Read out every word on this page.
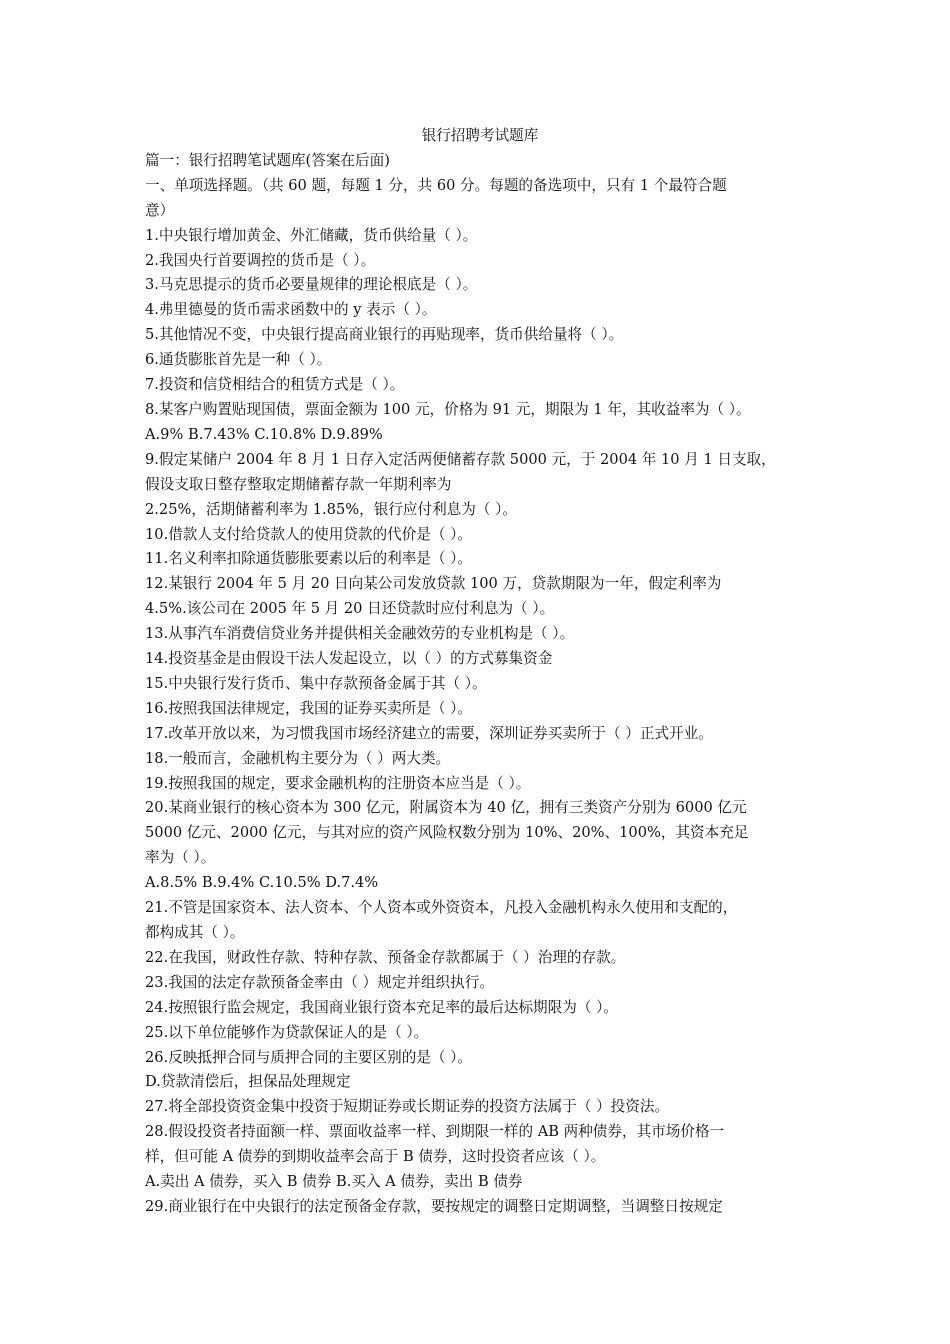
银行招聘考试题库
篇一：银行招聘笔试题库(答案在后面)
一、单项选择题。（共 60 题，每题 1 分，共 60 分。每题的备选项中，只有 1 个最符合题
意）
1.中央银行增加黄金、外汇储藏，货币供给量（ ）。
2.我国央行首要调控的货币是（ ）。
3.马克思提示的货币必要量规律的理论根底是（ ）。
4.弗里德曼的货币需求函数中的 y 表示（ ）。
5.其他情况不变，中央银行提高商业银行的再贴现率，货币供给量将（ ）。
6.通货膨胀首先是一种（ ）。
7.投资和信贷相结合的租赁方式是（ ）。
8.某客户购置贴现国债，票面金额为 100 元，价格为 91 元，期限为 1 年，其收益率为（ ）。
A.9% B.7.43% C.10.8% D.9.89%
9.假定某储户 2004 年 8 月 1 日存入定活两便储蓄存款 5000 元，于 2004 年 10 月 1 日支取，
假设支取日整存整取定期储蓄存款一年期利率为
2.25%，活期储蓄利率为 1.85%，银行应付利息为（ ）。
10.借款人支付给贷款人的使用贷款的代价是（ ）。
11.名义利率扣除通货膨胀要素以后的利率是（ ）。
12.某银行 2004 年 5 月 20 日向某公司发放贷款 100 万，贷款期限为一年，假定利率为
4.5%.该公司在 2005 年 5 月 20 日还贷款时应付利息为（ ）。
13.从事汽车消费信贷业务并提供相关金融效劳的专业机构是（ ）。
14.投资基金是由假设干法人发起设立，以（ ）的方式募集资金
15.中央银行发行货币、集中存款预备金属于其（ ）。
16.按照我国法律规定，我国的证券买卖所是（ ）。
17.改革开放以来，为习惯我国市场经济建立的需要，深圳证券买卖所于（ ）正式开业。
18.一般而言，金融机构主要分为（ ）两大类。
19.按照我国的规定，要求金融机构的注册资本应当是（ ）。
20.某商业银行的核心资本为 300 亿元，附属资本为 40 亿，拥有三类资产分别为 6000 亿元
5000 亿元、2000 亿元，与其对应的资产风险权数分别为 10%、20%、100%，其资本充足
率为（ ）。
A.8.5% B.9.4% C.10.5% D.7.4%
21.不管是国家资本、法人资本、个人资本或外资资本，凡投入金融机构永久使用和支配的，
都构成其（ ）。
22.在我国，财政性存款、特种存款、预备金存款都属于（ ）治理的存款。
23.我国的法定存款预备金率由（ ）规定并组织执行。
24.按照银行监会规定，我国商业银行资本充足率的最后达标期限为（ ）。
25.以下单位能够作为贷款保证人的是（ ）。
26.反映抵押合同与质押合同的主要区别的是（ ）。
D.贷款清偿后，担保品处理规定
27.将全部投资资金集中投资于短期证券或长期证券的投资方法属于（ ）投资法。
28.假设投资者持面额一样、票面收益率一样、到期限一样的 AB 两种债券，其市场价格一
样，但可能 A 债券的到期收益率会高于 B 债券，这时投资者应该（ ）。
A.卖出 A 债券，买入 B 债券 B.买入 A 债券，卖出 B 债券
29.商业银行在中央银行的法定预备金存款，要按规定的调整日定期调整，当调整日按规定
